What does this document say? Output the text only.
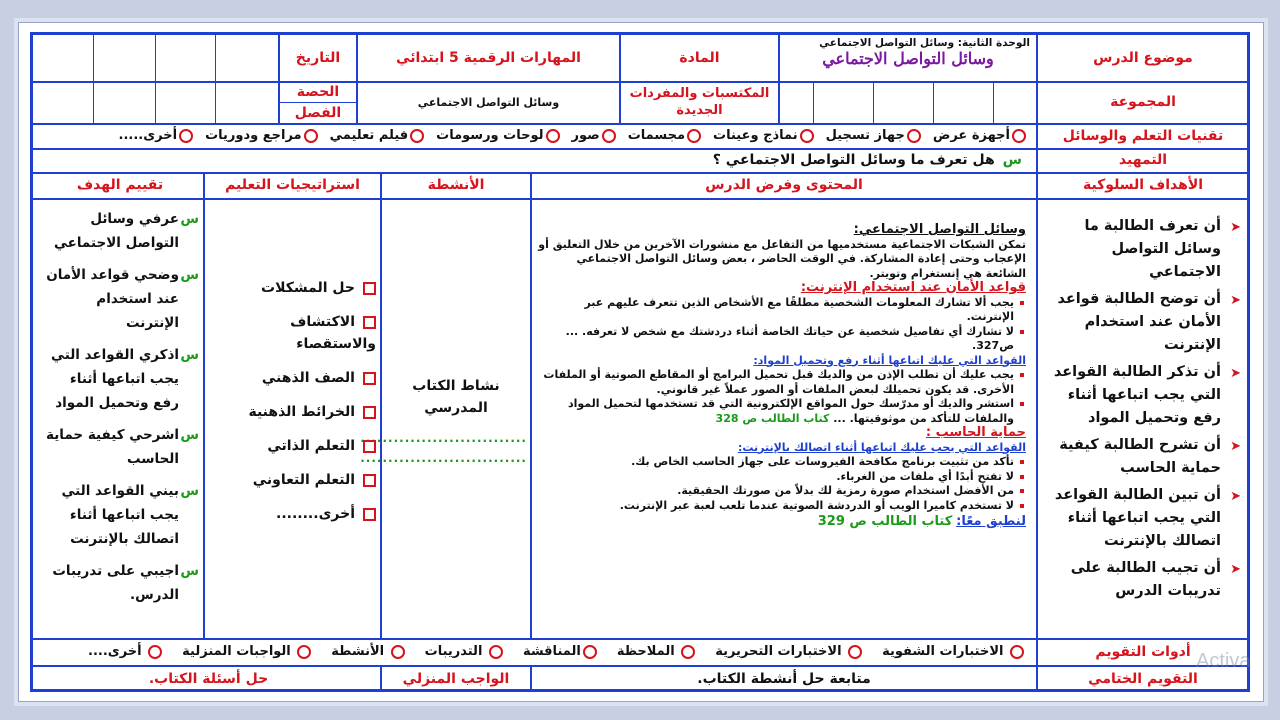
موضوع الدرس
الوحدة الثانية: وسائل التواصل الاجتماعي
وسائل التواصل الاجتماعي
المادة
المهارات الرقمية 5 ابتدائي
التاريخ
المجموعة
المكتسبات والمفردات الجديدة
وسائل التواصل الاجتماعي
الحصة
الفصل
تقنيات التعلم والوسائل
أجهزة عرض
جهاز تسجيل
نماذج وعينات
مجسمات
صور
لوحات ورسومات
فيلم تعليمي
مراجع ودوريات
أخرى.....
التمهيد
س
هل تعرف ما وسائل التواصل الاجتماعي ؟
الأهداف السلوكية
المحتوى وفرض الدرس
الأنشطة
استراتيجيات التعليم
تقييم الهدف
➤
أن تعرف الطالبة ما وسائل التواصل الاجتماعي
➤
أن توضح الطالبة قواعد الأمان عند استخدام الإنترنت
➤
أن تذكر الطالبة القواعد التي يجب اتباعها أثناء رفع وتحميل المواد
➤
أن تشرح الطالبة كيفية حماية الحاسب
➤
أن تبين الطالبة القواعد التي يجب اتباعها أثناء اتصالك بالإنترنت
➤
أن تجيب الطالبة على تدريبات الدرس
وسائل التواصل الاجتماعي:
تمكن الشبكات الاجتماعية مستخدميها من التفاعل مع منشورات الآخرين من خلال التعليق أو الإعجاب وحتى إعادة المشاركة. في الوقت الحاضر ، بعض وسائل التواصل الاجتماعي الشائعة هي إنستغرام وتويتر.
قواعد الأمان عند استخدام الإنترنت:
يجب ألا تشارك المعلومات الشخصية مطلقًا مع الأشخاص الذين تتعرف عليهم عبر الإنترنت.
لا تشارك أي تفاصيل شخصية عن حياتك الخاصة أثناء دردشتك مع شخص لا تعرفه. ... ص327.
القواعد التي عليك اتباعها أثناء رفع وتحميل المواد:
يجب عليك أن تطلب الإذن من والديك قبل تحميل البرامج أو المقاطع الصوتية أو الملفات الأخرى. قد يكون تحميلك لبعض الملفات أو الصور عملاً غير قانوني.
استشر والديك أو مدرّسك حول المواقع الإلكترونية التي قد تستخدمها لتحميل المواد والملفات للتأكد من موثوقيتها. ... كتاب الطالب ص 328
حماية الحاسب :
القواعد التي يجب عليك اتباعها أثناء اتصالك بالإنترنت:
تأكد من تثبيت برنامج مكافحة الفيروسات على جهاز الحاسب الخاص بك.
لا تفتح أبدًا أي ملفات من الغرباء.
من الأفضل استخدام صورة رمزية لك بدلاً من صورتك الحقيقية.
لا تستخدم كاميرا الويب أو الدردشة الصوتية عندما تلعب لعبة عبر الإنترنت.
لنطبق معًا: كتاب الطالب ص 329
نشاط الكتاب المدرسي
..............................
..............................
حل المشكلات
الاكتشاف والاستقصاء
الصف الذهني
الخرائط الذهنية
التعلم الذاتي
التعلم التعاوني
أخرى........
س
عرفي وسائل التواصل الاجتماعي
س
وضحي قواعد الأمان عند استخدام الإنترنت
س
اذكري القواعد التي يجب اتباعها أثناء رفع وتحميل المواد
س
اشرحي كيفية حماية الحاسب
س
بيني القواعد التي يجب اتباعها أثناء اتصالك بالإنترنت
س
اجيبي على تدريبات الدرس.
أدوات التقويم
الاختبارات الشفوية
الاختبارات التحريرية
الملاحظة
المناقشة
التدريبات
الأنشطة
الواجبات المنزلية
أخرى....
التقويم الختامي
متابعة حل أنشطة الكتاب.
الواجب المنزلي
حل أسئلة الكتاب.
Activa
